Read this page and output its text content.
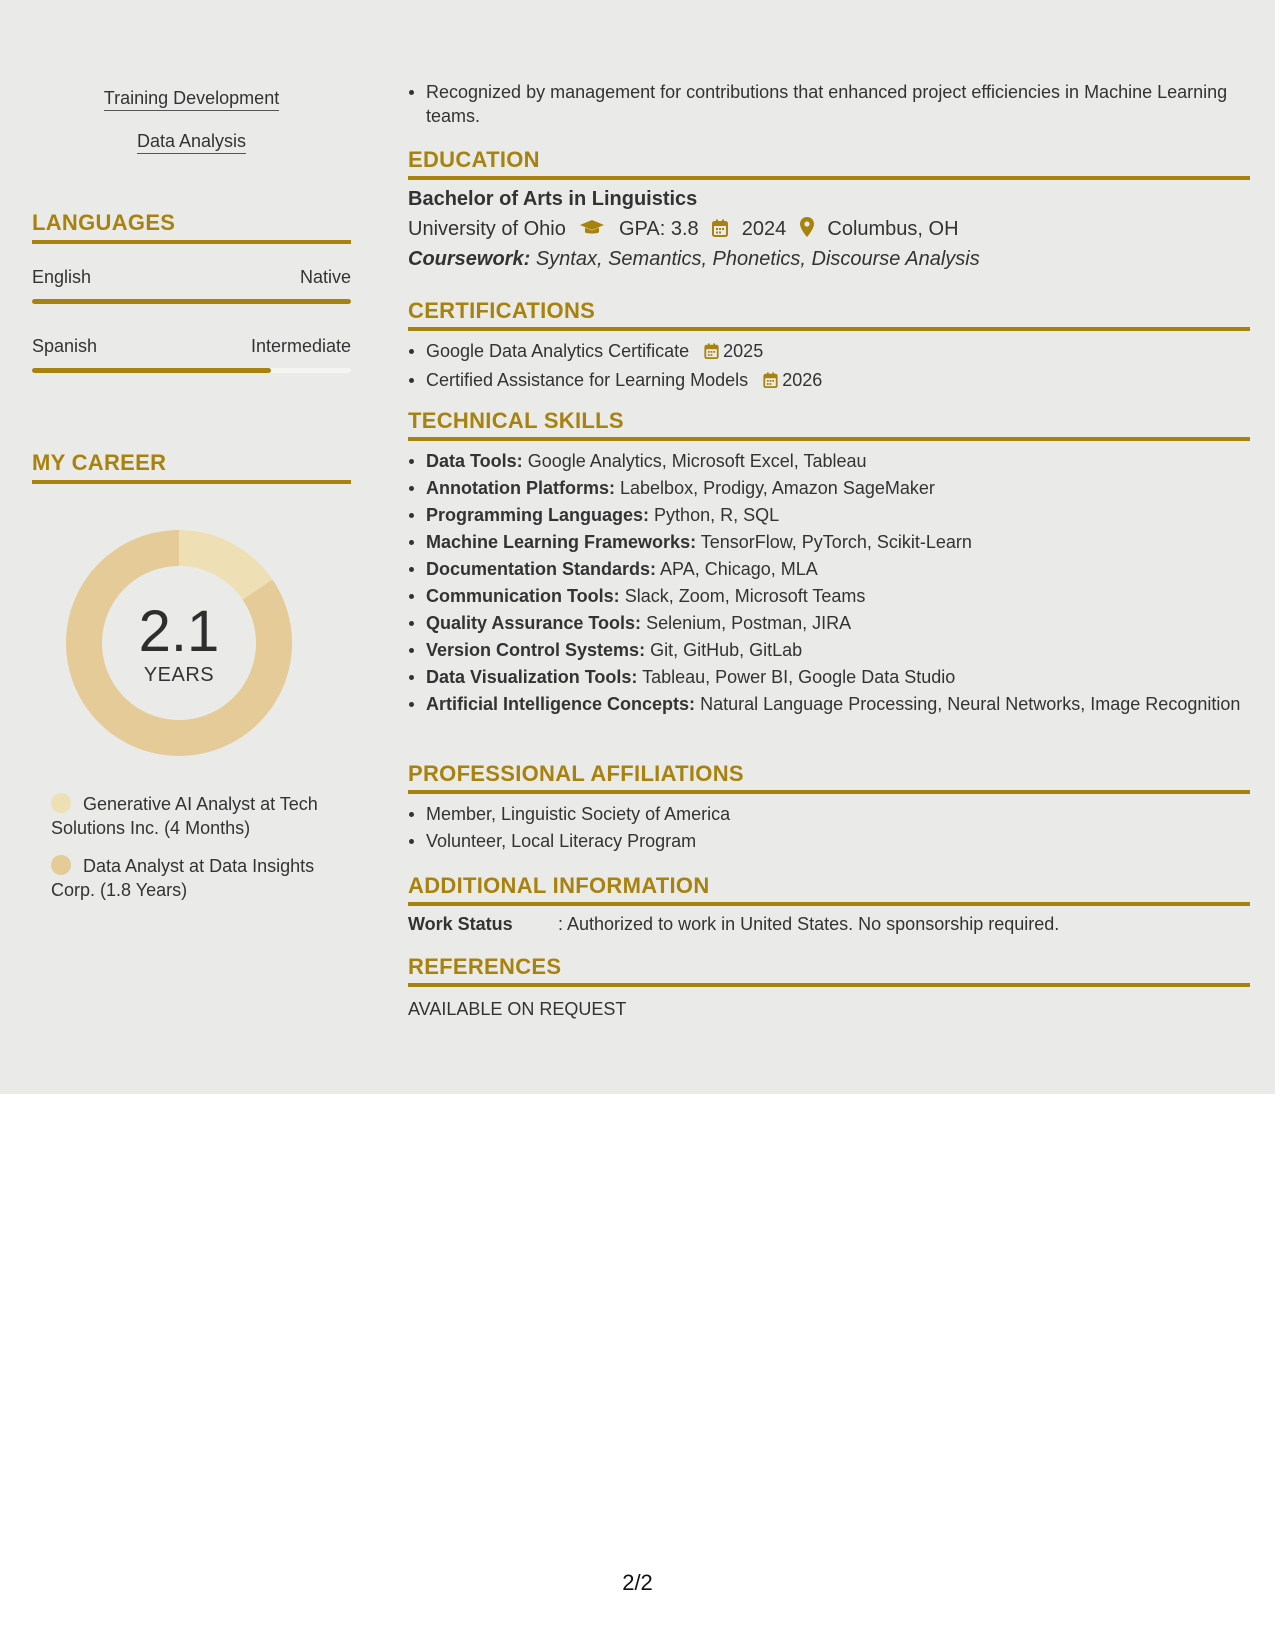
Training Development
Data Analysis
LANGUAGES
English	Native
Spanish	Intermediate
MY CAREER
2.1
YEARS
Generative AI Analyst at Tech Solutions Inc. (4 Months)
Data Analyst at Data Insights Corp. (1.8 Years)
Recognized by management for contributions that enhanced project efficiencies in Machine Learning teams.
EDUCATION
Bachelor of Arts in Linguistics
University of Ohio	GPA: 3.8 2024 Columbus, OH
Coursework: Syntax, Semantics, Phonetics, Discourse Analysis
CERTIFICATIONS
Google Data Analytics Certificate 2025
Certified Assistance for Learning Models 2026
TECHNICAL SKILLS
Data Tools: Google Analytics, Microsoft Excel, Tableau
Annotation Platforms: Labelbox, Prodigy, Amazon SageMaker
Programming Languages: Python, R, SQL
Machine Learning Frameworks: TensorFlow, PyTorch, Scikit-Learn
Documentation Standards: APA, Chicago, MLA
Communication Tools: Slack, Zoom, Microsoft Teams
Quality Assurance Tools: Selenium, Postman, JIRA
Version Control Systems: Git, GitHub, GitLab
Data Visualization Tools: Tableau, Power BI, Google Data Studio
Artificial Intelligence Concepts: Natural Language Processing, Neural Networks, Image Recognition
PROFESSIONAL AFFILIATIONS
Member, Linguistic Society of America
Volunteer, Local Literacy Program
ADDITIONAL INFORMATION
Work Status	: Authorized to work in United States. No sponsorship required.
REFERENCES
AVAILABLE ON REQUEST
2/2
